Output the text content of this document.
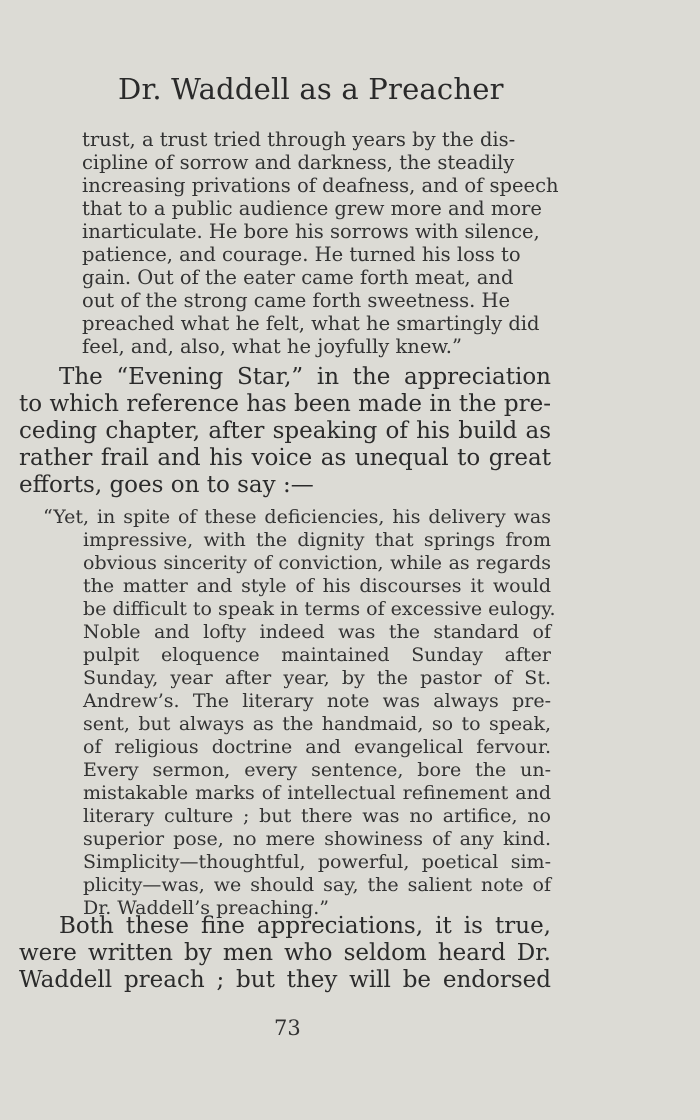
Dr. Waddell as a Preacher
trust, a trust tried through years by the dis-
cipline of sorrow and darkness, the steadily
increasing privations of deafness, and of speech
that to a public audience grew more and more
inarticulate. He bore his sorrows with silence,
patience, and courage. He turned his loss to
gain. Out of the eater came forth meat, and
out of the strong came forth sweetness. He
preached what he felt, what he smartingly did
feel, and, also, what he joyfully knew.”
The “Evening Star,” in the appreciation
to which reference has been made in the pre-
ceding chapter, after speaking of his build as
rather frail and his voice as unequal to great
efforts, goes on to say :—
“Yet, in spite of these deficiencies, his delivery was
impressive, with the dignity that springs from
obvious sincerity of conviction, while as regards
the matter and style of his discourses it would
be difficult to speak in terms of excessive eulogy.
Noble and lofty indeed was the standard of
pulpit eloquence maintained Sunday after
Sunday, year after year, by the pastor of St.
Andrew’s. The literary note was always pre-
sent, but always as the handmaid, so to speak,
of religious doctrine and evangelical fervour.
Every sermon, every sentence, bore the un-
mistakable marks of intellectual refinement and
literary culture ; but there was no artifice, no
superior pose, no mere showiness of any kind.
Simplicity—thoughtful, powerful, poetical sim-
plicity—was, we should say, the salient note of
Dr. Waddell’s preaching.”
Both these fine appreciations, it is true,
were written by men who seldom heard Dr.
Waddell preach ; but they will be endorsed
73
